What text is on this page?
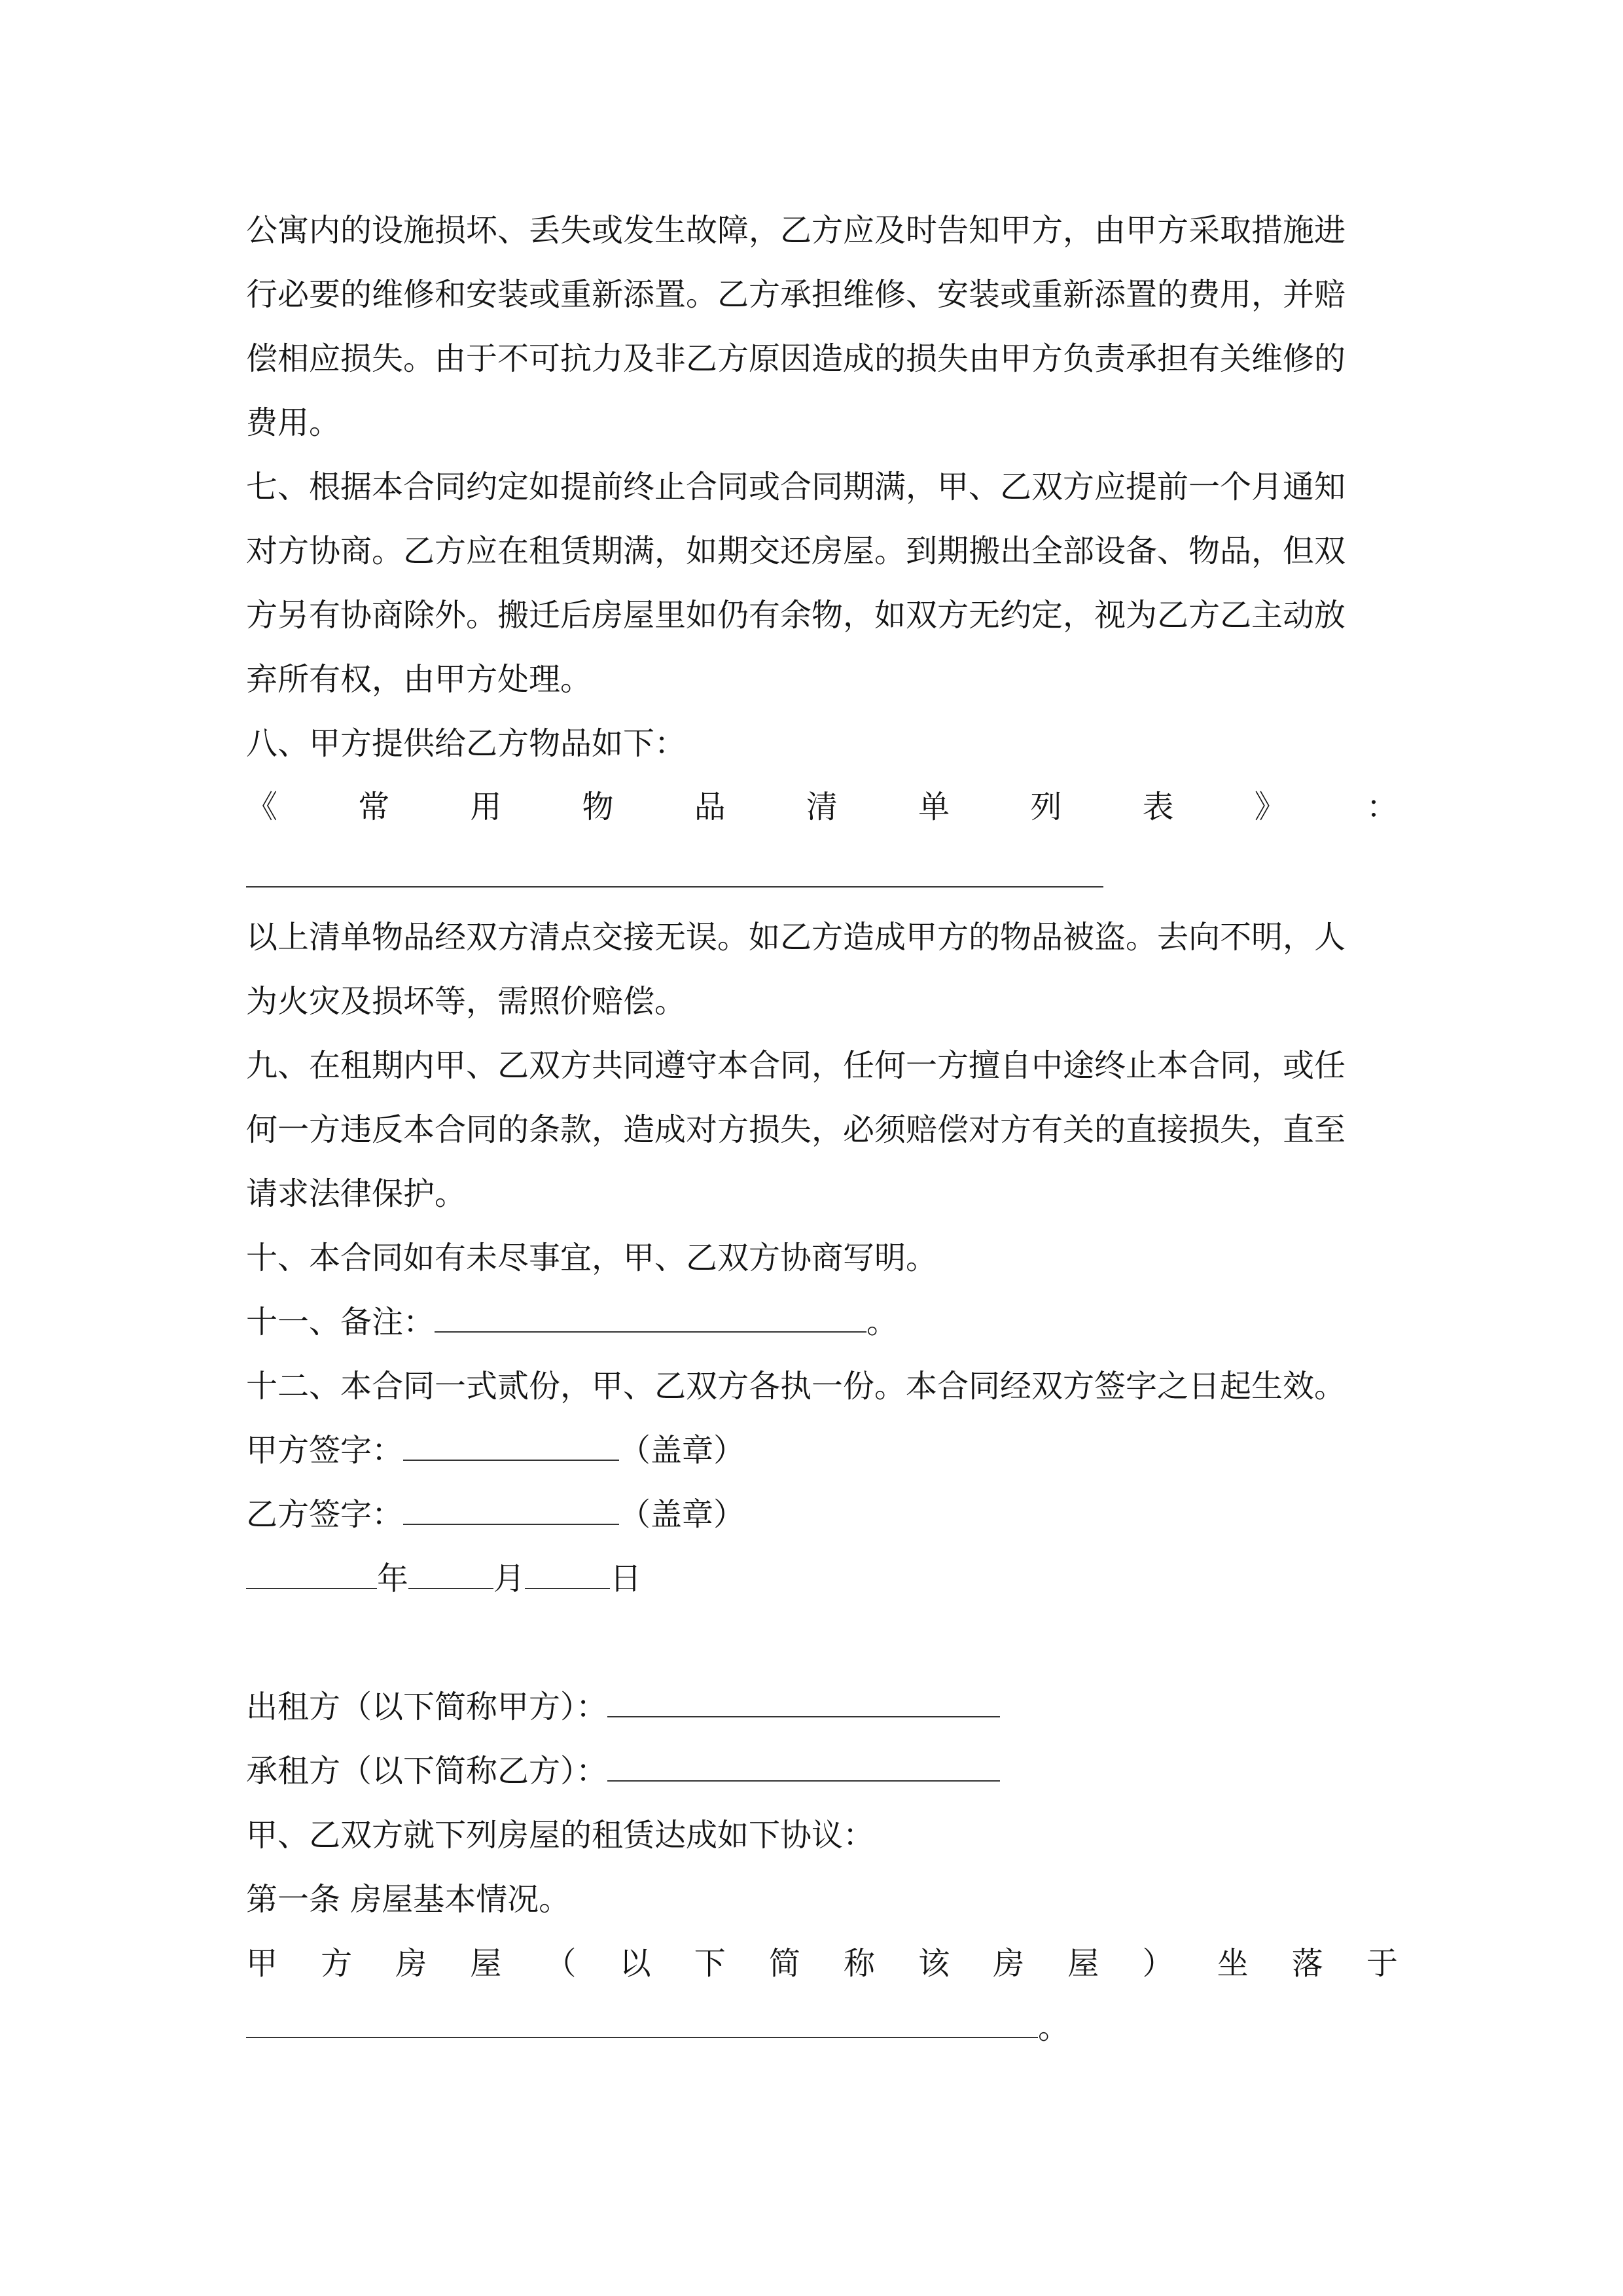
公寓内的设施损坏、丢失或发生故障，乙方应及时告知甲方，由甲方采取措施进
行必要的维修和安装或重新添置。乙方承担维修、安装或重新添置的费用，并赔
偿相应损失。由于不可抗力及非乙方原因造成的损失由甲方负责承担有关维修的
费用。
七、根据本合同约定如提前终止合同或合同期满，甲、乙双方应提前一个月通知
对方协商。乙方应在租赁期满，如期交还房屋。到期搬出全部设备、物品，但双
方另有协商除外。搬迁后房屋里如仍有余物，如双方无约定，视为乙方乙主动放
弃所有权，由甲方处理。
八、甲方提供给乙方物品如下：
《	常	用	物	品	清	单	列	表	》	：
以上清单物品经双方清点交接无误。如乙方造成甲方的物品被盗。去向不明，人
为火灾及损坏等，需照价赔偿。
九、在租期内甲、乙双方共同遵守本合同，任何一方擅自中途终止本合同，或任
何一方违反本合同的条款，造成对方损失，必须赔偿对方有关的直接损失，直至
请求法律保护。
十、本合同如有未尽事宜，甲、乙双方协商写明。
十一、备注：	。
十二、本合同一式贰份，甲、乙双方各执一份。本合同经双方签字之日起生效。
甲方签字：	（盖章）
乙方签字：	（盖章）
年	月	日
出租方（以下简称甲方）：
承租方（以下简称乙方）：
甲、乙双方就下列房屋的租赁达成如下协议：
第一条 房屋基本情况。
甲 方 房 屋 （ 以 下 简 称 该 房 屋 ） 坐 落 于
。
